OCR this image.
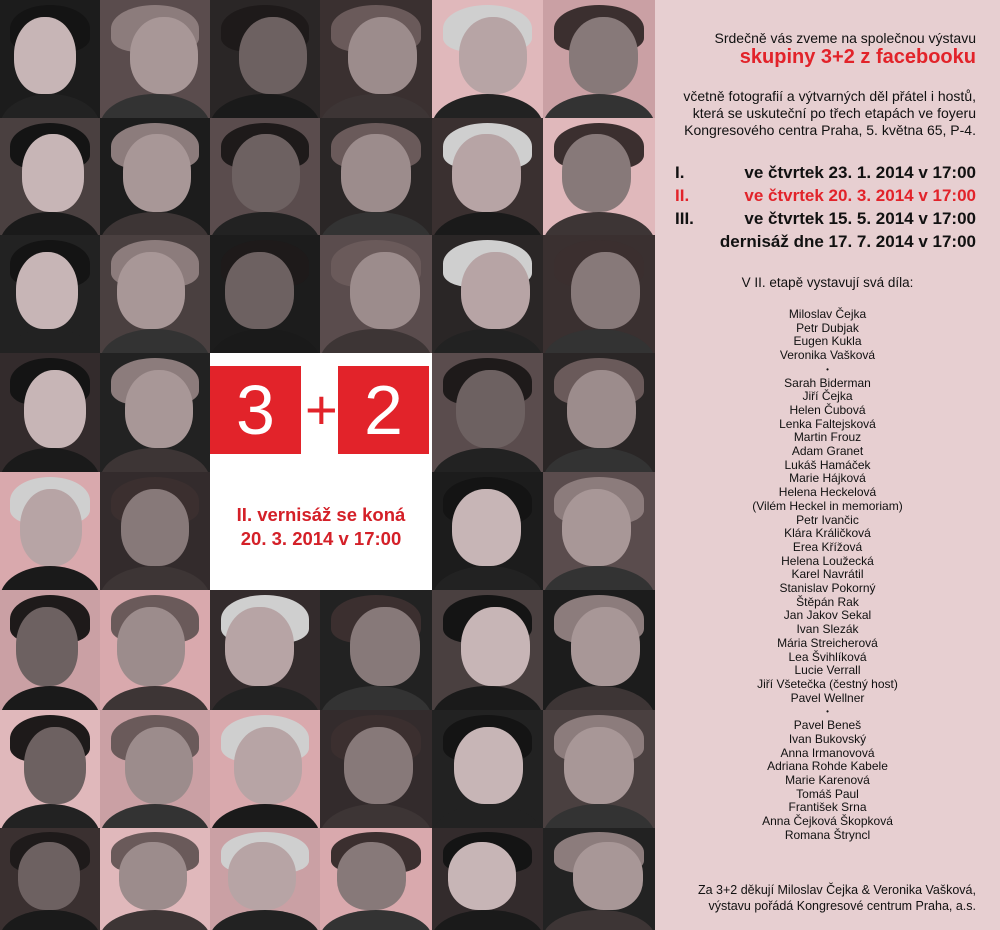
3 + 2
II. vernisáž se koná
20. 3. 2014 v 17:00
Srdečně vás zveme na společnou výstavu
skupiny 3+2 z facebooku
včetně fotografií a výtvarných děl přátel i hostů,
která se uskuteční po třech etapách ve foyeru
Kongresového centra Praha, 5. května 65, P-4.
I.	ve čtvrtek 23. 1. 2014 v 17:00
II.	ve čtvrtek 20. 3. 2014 v 17:00
III.	ve čtvrtek 15. 5. 2014 v 17:00
dernisáž dne 17. 7. 2014 v 17:00
V II. etapě vystavují svá díla:
Miloslav Čejka
Petr Dubjak
Eugen Kukla
Veronika Vašková
•
Sarah Biderman
Jiří Čejka
Helen Čubová
Lenka Faltejsková
Martin Frouz
Adam Granet
Lukáš Hamáček
Marie Hájková
Helena Heckelová
(Vilém Heckel in memoriam)
Petr Ivančic
Klára Králičková
Erea Křížová
Helena Loužecká
Karel Navrátil
Stanislav Pokorný
Štěpán Rak
Jan Jakov Sekal
Ivan Slezák
Mária Streicherová
Lea Švihlíková
Lucie Verrall
Jiří Všetečka (čestný host)
Pavel Wellner
•
Pavel Beneš
Ivan Bukovský
Anna Irmanovová
Adriana Rohde Kabele
Marie Karenová
Tomáš Paul
František Srna
Anna Čejková Škopková
Romana Štryncl
Za 3+2 děkují Miloslav Čejka & Veronika Vašková,
výstavu pořádá Kongresové centrum Praha, a.s.
